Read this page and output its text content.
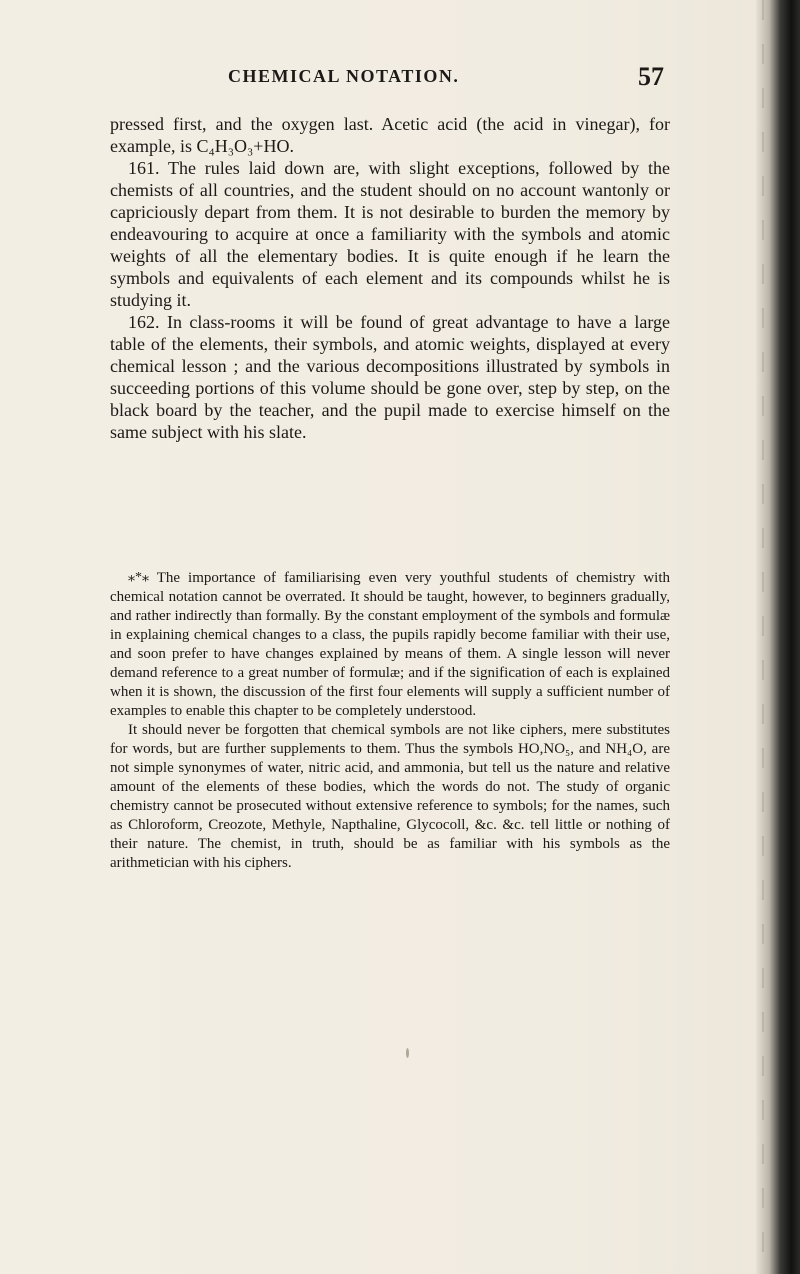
CHEMICAL NOTATION.	57

pressed first, and the oxygen last. Acetic acid (the acid in vinegar), for example, is C₄H₃O₃+HO.

161. The rules laid down are, with slight exceptions, followed by the chemists of all countries, and the student should on no account wantonly or capriciously depart from them. It is not desirable to burden the memory by endeavouring to acquire at once a familiarity with the symbols and atomic weights of all the elementary bodies. It is quite enough if he learn the symbols and equivalents of each element and its compounds whilst he is studying it.

162. In class-rooms it will be found of great advantage to have a large table of the elements, their symbols, and atomic weights, displayed at every chemical lesson ; and the various decompositions illustrated by symbols in succeeding portions of this volume should be gone over, step by step, on the black board by the teacher, and the pupil made to exercise himself on the same subject with his slate.

⁎*⁎ The importance of familiarising even very youthful students of chemistry with chemical notation cannot be overrated. It should be taught, however, to beginners gradually, and rather indirectly than formally. By the constant employment of the symbols and formulæ in explaining chemical changes to a class, the pupils rapidly become familiar with their use, and soon prefer to have changes explained by means of them. A single lesson will never demand reference to a great number of formulæ; and if the signification of each is explained when it is shown, the discussion of the first four elements will supply a sufficient number of examples to enable this chapter to be completely understood.

It should never be forgotten that chemical symbols are not like ciphers, mere substitutes for words, but are further supplements to them. Thus the symbols HO,NO₅, and NH₄O, are not simple synonymes of water, nitric acid, and ammonia, but tell us the nature and relative amount of the elements of these bodies, which the words do not. The study of organic chemistry cannot be prosecuted without extensive reference to symbols; for the names, such as Chloroform, Creozote, Methyle, Napthaline, Glycocoll, &c. &c. tell little or nothing of their nature. The chemist, in truth, should be as familiar with his symbols as the arithmetician with his ciphers.
